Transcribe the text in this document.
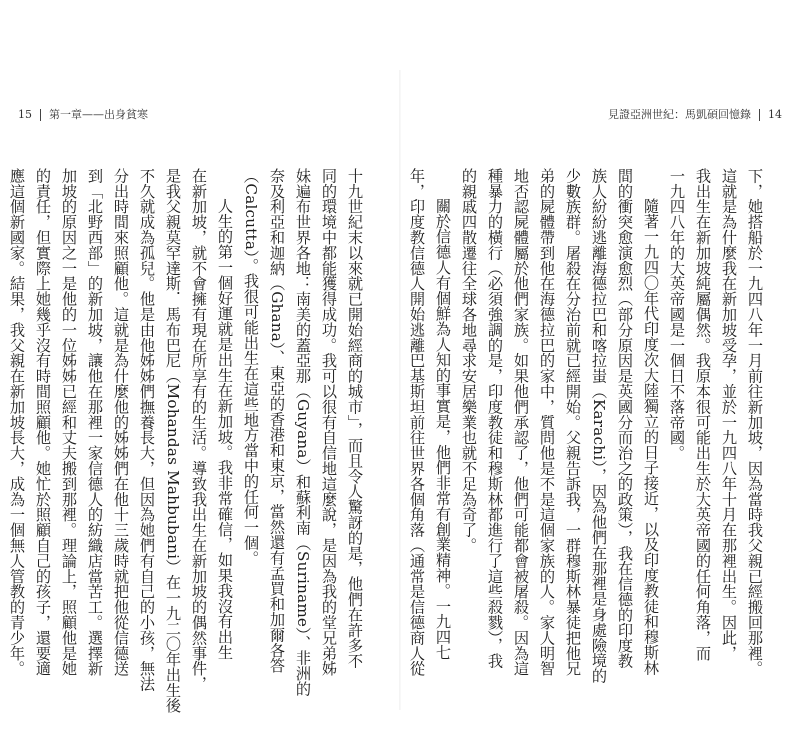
15 第一章——出身貧寒	見證亞洲世紀：馬凱碩回憶錄 14
十九世紀末以來就已開始經商的城市」，而且令人驚訝的是，他們在許多不
同的環境中都能獲得成功。我可以很有自信地這麼說，是因為我的堂兄弟姊
妹遍布世界各地：南美的蓋亞那（Guyana）和蘇利南（Suriname）、非洲的
奈及利亞和迦納（Ghana）、東亞的香港和東京，當然還有孟買和加爾各答
（Calcutta）。我很可能出生在這些地方當中的任何一個。
人生的第一個好運就是出生在新加坡。我非常確信，如果我沒有出生
在新加坡，就不會擁有現在所享有的生活。導致我出生在新加坡的偶然事件，
是我父親莫罕達斯．馬布巴尼（Mohandas Mahbubani）在一九二〇年出生後
不久就成為孤兒。他是由他姊姊們撫養長大，但因為她們有自己的小孩，無法
分出時間來照顧他。這就是為什麼他的姊姊們在他十三歲時就把他從信德送
到「北野西部」的新加坡，讓他在那裡一家信德人的紡織店當苦工。選擇新
加坡的原因之一是他的一位姊姊已經和丈夫搬到那裡。理論上，照顧他是她
的責任，但實際上她幾乎沒有時間照顧他。她忙於照顧自己的孩子，還要適
應這個新國家。結果，我父親在新加坡長大，成為一個無人管教的青少年。	下，她搭船於一九四八年一月前往新加坡，因為當時我父親已經搬回那裡。
這就是為什麼我在新加坡受孕，並於一九四八年十月在那裡出生。因此，
我出生在新加坡純屬偶然。我原本很可能出生於大英帝國的任何角落，而
一九四八年的大英帝國是一個日不落帝國。
隨著一九四〇年代印度次大陸獨立的日子接近，以及印度教徒和穆斯林
間的衝突愈演愈烈（部分原因是英國分而治之的政策），我在信德的印度教
族人紛紛逃離海德拉巴和喀拉蚩（Karachi），因為他們在那裡是身處險境的
少數族群。屠殺在分治前就已經開始。父親告訴我，一群穆斯林暴徒把他兄
弟的屍體帶到他在海德拉巴的家中，質問他是不是這個家族的人。家人明智
地否認屍體屬於他們家族。如果他們承認了，他們可能都會被屠殺。因為這
種暴力的橫行（必須強調的是，印度教徒和穆斯林都進行了這些殺戮），我
的親戚四散遷往全球各地尋求安居樂業也就不足為奇了。
關於信德人有個鮮為人知的事實是，他們非常有創業精神。一九四七
年，印度教信德人開始逃離巴基斯坦前往世界各個角落（通常是信德商人從
